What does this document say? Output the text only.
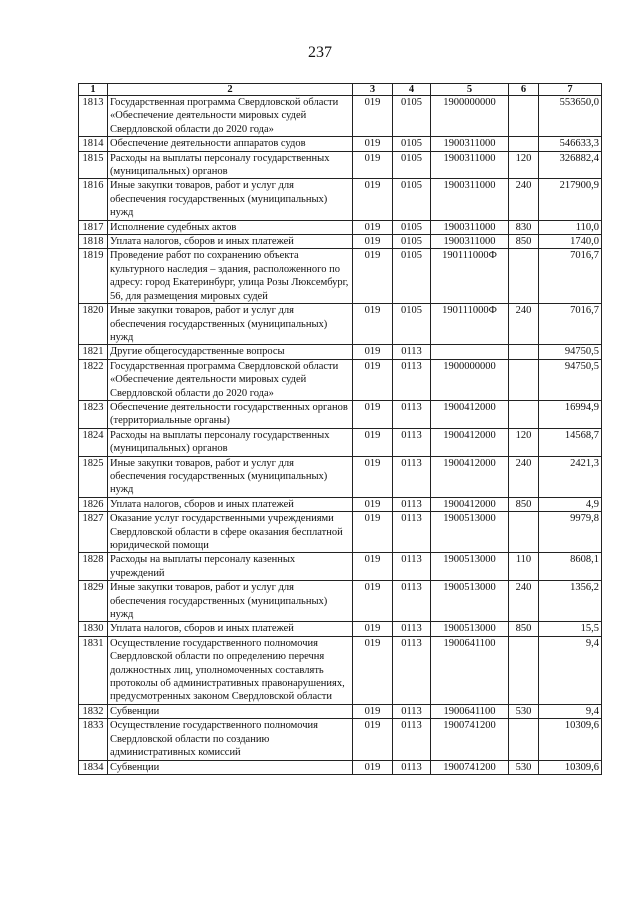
237
1	2	3	4	5	6	7
1813	Государственная программа Свердловской области «Обеспечение деятельности мировых судей Свердловской области до 2020 года»	019	0105	1900000000		553650,0
1814	Обеспечение деятельности аппаратов судов	019	0105	1900311000		546633,3
1815	Расходы на выплаты персоналу государственных (муниципальных) органов	019	0105	1900311000	120	326882,4
1816	Иные закупки товаров, работ и услуг для обеспечения государственных (муниципальных) нужд	019	0105	1900311000	240	217900,9
1817	Исполнение судебных актов	019	0105	1900311000	830	110,0
1818	Уплата налогов, сборов и иных платежей	019	0105	1900311000	850	1740,0
1819	Проведение работ по сохранению объекта культурного наследия – здания, расположенного по адресу: город Екатеринбург, улица Розы Люксембург, 56, для размещения мировых судей	019	0105	190111000Ф		7016,7
1820	Иные закупки товаров, работ и услуг для обеспечения государственных (муниципальных) нужд	019	0105	190111000Ф	240	7016,7
1821	Другие общегосударственные вопросы	019	0113			94750,5
1822	Государственная программа Свердловской области «Обеспечение деятельности мировых судей Свердловской области до 2020 года»	019	0113	1900000000		94750,5
1823	Обеспечение деятельности государственных органов (территориальные органы)	019	0113	1900412000		16994,9
1824	Расходы на выплаты персоналу государственных (муниципальных) органов	019	0113	1900412000	120	14568,7
1825	Иные закупки товаров, работ и услуг для обеспечения государственных (муниципальных) нужд	019	0113	1900412000	240	2421,3
1826	Уплата налогов, сборов и иных платежей	019	0113	1900412000	850	4,9
1827	Оказание услуг государственными учреждениями Свердловской области в сфере оказания бесплатной юридической помощи	019	0113	1900513000		9979,8
1828	Расходы на выплаты персоналу казенных учреждений	019	0113	1900513000	110	8608,1
1829	Иные закупки товаров, работ и услуг для обеспечения государственных (муниципальных) нужд	019	0113	1900513000	240	1356,2
1830	Уплата налогов, сборов и иных платежей	019	0113	1900513000	850	15,5
1831	Осуществление государственного полномочия Свердловской области по определению перечня должностных лиц, уполномоченных составлять протоколы об административных правонарушениях, предусмотренных законом Свердловской области	019	0113	1900641100		9,4
1832	Субвенции	019	0113	1900641100	530	9,4
1833	Осуществление государственного полномочия Свердловской области по созданию административных комиссий	019	0113	1900741200		10309,6
1834	Субвенции	019	0113	1900741200	530	10309,6
